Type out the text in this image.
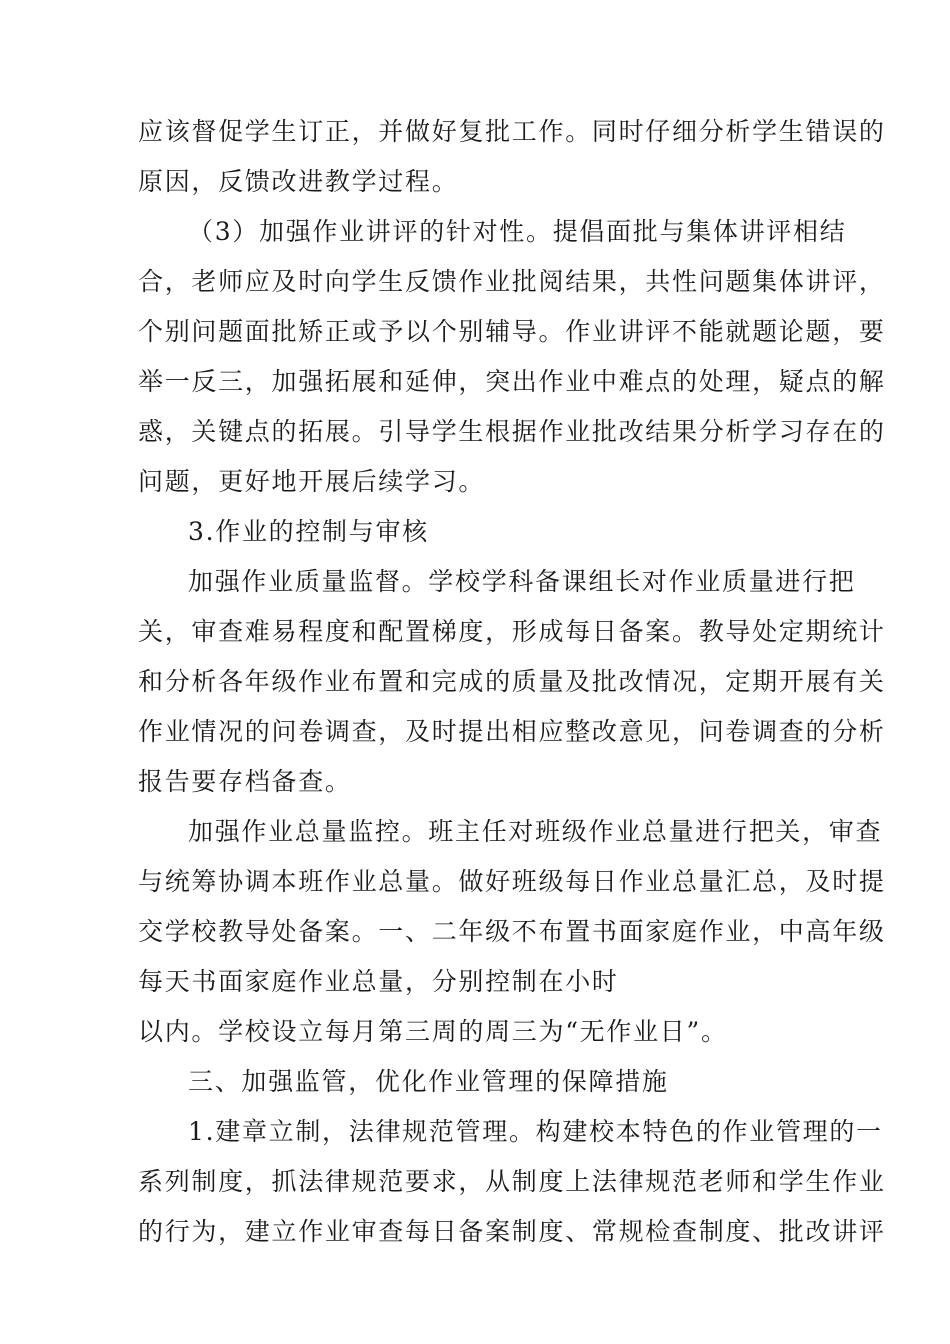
应该督促学生订正，并做好复批工作。同时仔细分析学生错误的

原因，反馈改进教学过程。

（3）加强作业讲评的针对性。提倡面批与集体讲评相结

合，老师应及时向学生反馈作业批阅结果，共性问题集体讲评，

个别问题面批矫正或予以个别辅导。作业讲评不能就题论题，要

举一反三，加强拓展和延伸，突出作业中难点的处理，疑点的解

惑，关键点的拓展。引导学生根据作业批改结果分析学习存在的

问题，更好地开展后续学习。

3.作业的控制与审核

加强作业质量监督。学校学科备课组长对作业质量进行把

关，审查难易程度和配置梯度，形成每日备案。教导处定期统计

和分析各年级作业布置和完成的质量及批改情况，定期开展有关

作业情况的问卷调查，及时提出相应整改意见，问卷调查的分析

报告要存档备查。

加强作业总量监控。班主任对班级作业总量进行把关，审查

与统筹协调本班作业总量。做好班级每日作业总量汇总，及时提

交学校教导处备案。一、二年级不布置书面家庭作业，中高年级

每天书面家庭作业总量，分别控制在小时

以内。学校设立每月第三周的周三为“无作业日”。

三、加强监管，优化作业管理的保障措施

1.建章立制，法律规范管理。构建校本特色的作业管理的一

系列制度，抓法律规范要求，从制度上法律规范老师和学生作业

的行为，建立作业审查每日备案制度、常规检查制度、批改讲评
